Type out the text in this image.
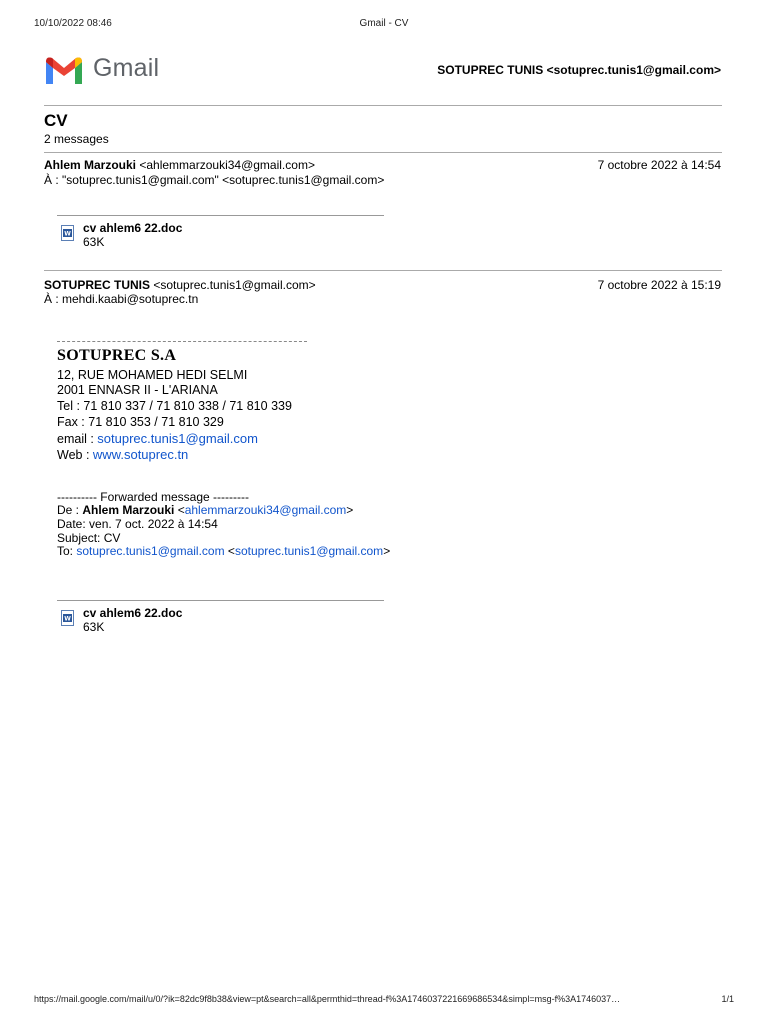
10/10/2022 08:46	Gmail - CV
Gmail	SOTUPREC TUNIS <sotuprec.tunis1@gmail.com>
CV
2 messages
Ahlem Marzouki <ahlemmarzouki34@gmail.com>	7 octobre 2022 à 14:54
À : "sotuprec.tunis1@gmail.com" <sotuprec.tunis1@gmail.com>
W cv ahlem6 22.doc
63K
SOTUPREC TUNIS <sotuprec.tunis1@gmail.com>	7 octobre 2022 à 15:19
À : mehdi.kaabi@sotuprec.tn
SOTUPREC S.A
12, RUE MOHAMED HEDI SELMI
2001 ENNASR II - L'ARIANA
Tel : 71 810 337 / 71 810 338 / 71 810 339
Fax : 71 810 353 / 71 810 329
email : sotuprec.tunis1@gmail.com
Web : www.sotuprec.tn
---------- Forwarded message ---------
De : Ahlem Marzouki <ahlemmarzouki34@gmail.com>
Date: ven. 7 oct. 2022 à 14:54
Subject: CV
To: sotuprec.tunis1@gmail.com <sotuprec.tunis1@gmail.com>
W cv ahlem6 22.doc
63K
https://mail.google.com/mail/u/0/?ik=82dc9f8b38&view=pt&search=all&permthid=thread-f%3A1746037221669686534&simpl=msg-f%3A1746037…	1/1
